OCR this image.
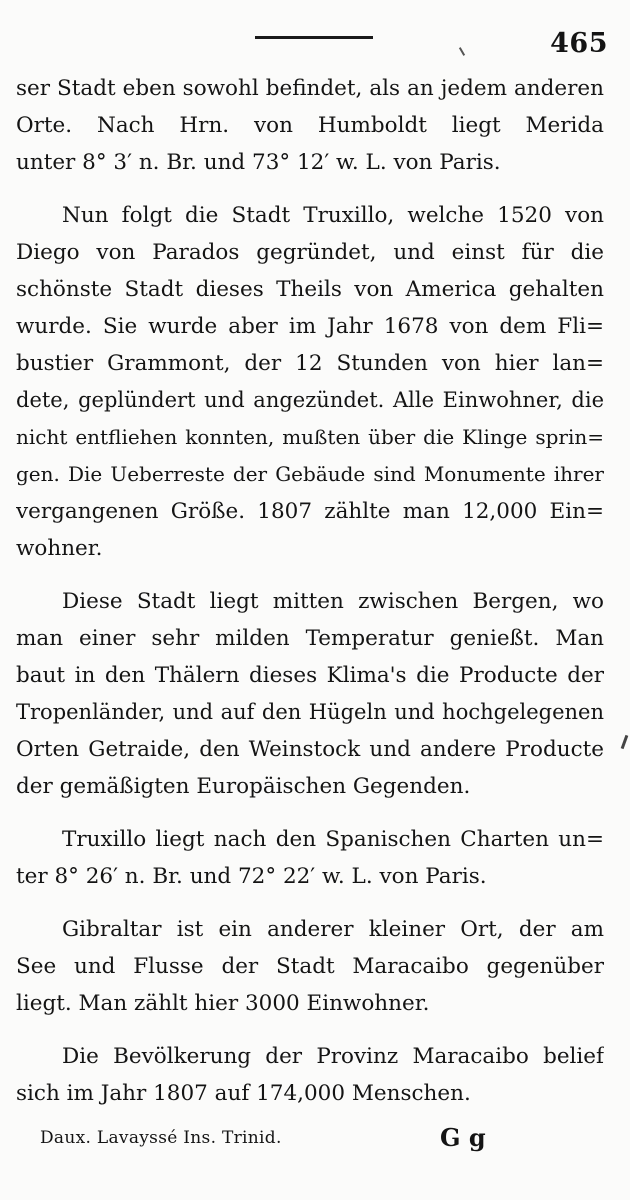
465
ser Stadt eben sowohl befindet, als an jedem anderen
Orte. Nach Hrn. von Humboldt liegt Merida
unter 8° 3′ n. Br. und 73° 12′ w. L. von Paris.
Nun folgt die Stadt Truxillo, welche 1520 von
Diego von Parados gegründet, und einst für die
schönste Stadt dieses Theils von America gehalten
wurde. Sie wurde aber im Jahr 1678 von dem Fli=
bustier Grammont, der 12 Stunden von hier lan=
dete, geplündert und angezündet. Alle Einwohner, die
nicht entfliehen konnten, mußten über die Klinge sprin=
gen. Die Ueberreste der Gebäude sind Monumente ihrer
vergangenen Größe. 1807 zählte man 12,000 Ein=
wohner.
Diese Stadt liegt mitten zwischen Bergen, wo
man einer sehr milden Temperatur genießt. Man
baut in den Thälern dieses Klima's die Producte der
Tropenländer, und auf den Hügeln und hochgelegenen
Orten Getraide, den Weinstock und andere Producte
der gemäßigten Europäischen Gegenden.
Truxillo liegt nach den Spanischen Charten un=
ter 8° 26′ n. Br. und 72° 22′ w. L. von Paris.
Gibraltar ist ein anderer kleiner Ort, der am
See und Flusse der Stadt Maracaibo gegenüber
liegt. Man zählt hier 3000 Einwohner.
Die Bevölkerung der Provinz Maracaibo belief
sich im Jahr 1807 auf 174,000 Menschen.
Daux. Lavayssé Ins. Trinid.	G g
